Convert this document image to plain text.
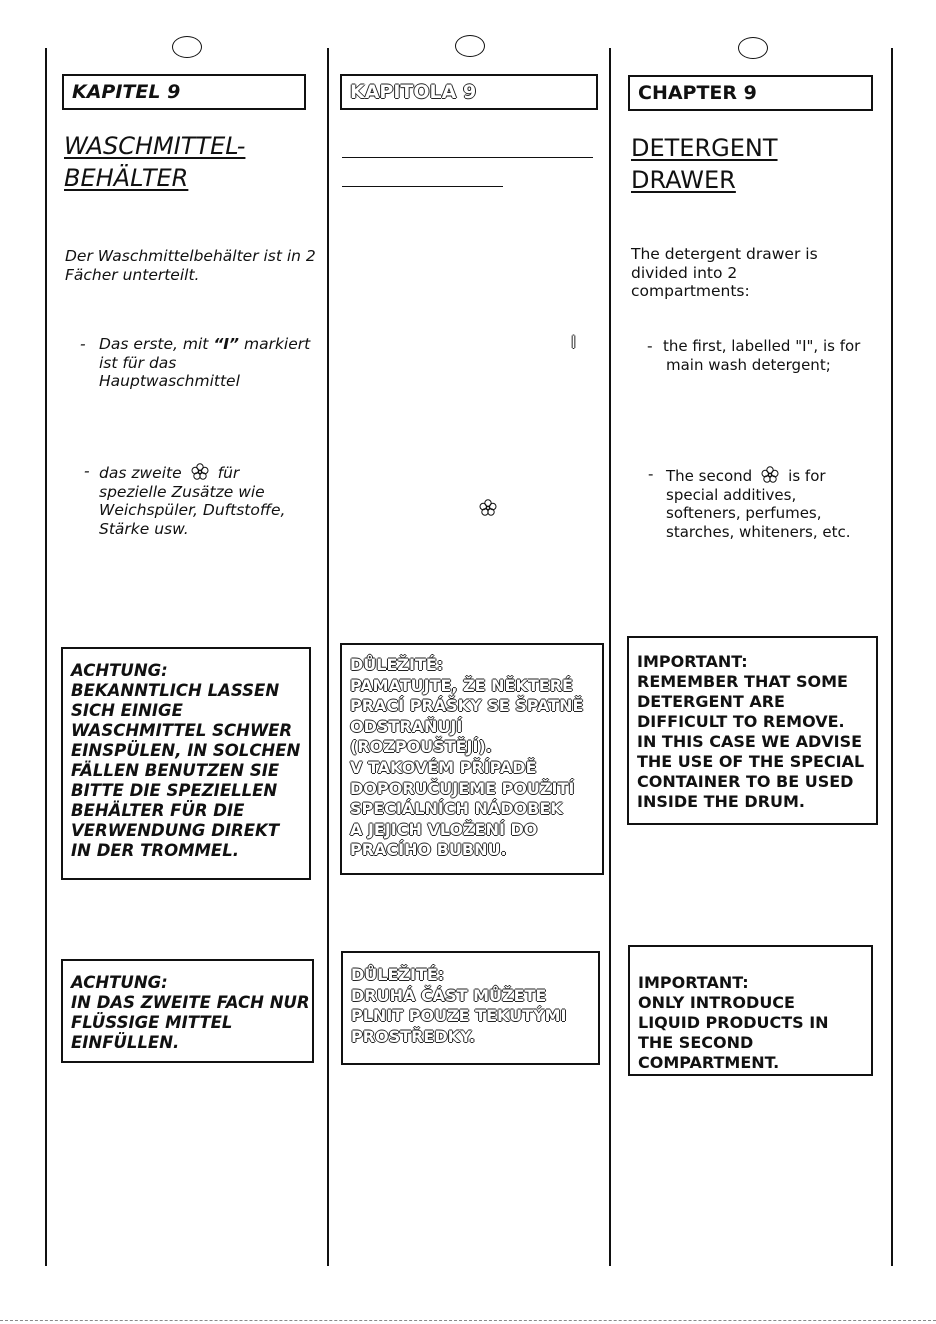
KAPITEL 9
WASCHMITTEL-
BEHÄLTER
Der Waschmittelbehälter ist in 2 Fächer unterteilt.
- Das erste, mit “I” markiert ist für das Hauptwaschmittel
- das zweite für spezielle Zusätze wie Weichspüler, Duftstoffe, Stärke usw.
ACHTUNG:
BEKANNTLICH LASSEN
SICH EINIGE
WASCHMITTEL SCHWER
EINSPÜLEN, IN SOLCHEN
FÄLLEN BENUTZEN SIE
BITTE DIE SPEZIELLEN
BEHÄLTER FÜR DIE
VERWENDUNG DIREKT
IN DER TROMMEL.
ACHTUNG:
IN DAS ZWEITE FACH NUR
FLÜSSIGE MITTEL
EINFÜLLEN.
KAPITOLA 9
I
DŮLEŽITÉ:
PAMATUJTE, ŽE NĚKTERÉ
PRACÍ PRÁŠKY SE ŠPATNĚ
ODSTRAŇUJÍ
(ROZPOUŠTĚJÍ).
V TAKOVÉM PŘÍPADĚ
DOPORUČUJEME POUŽITÍ
SPECIÁLNÍCH NÁDOBEK
A JEJICH VLOŽENÍ DO
PRACÍHO BUBNU.
DŮLEŽITÉ:
DRUHÁ ČÁST MŮŽETE
PLNIT POUZE TEKUTÝMI
PROSTŘEDKY.
CHAPTER 9
DETERGENT
DRAWER
The detergent drawer is
divided into 2
compartments:
- the first, labelled "I", is for
main wash detergent;
- The second is for
special additives,
softeners, perfumes,
starches, whiteners, etc.
IMPORTANT:
REMEMBER THAT SOME
DETERGENT ARE
DIFFICULT TO REMOVE.
IN THIS CASE WE ADVISE
THE USE OF THE SPECIAL
CONTAINER TO BE USED
INSIDE THE DRUM.
IMPORTANT:
ONLY INTRODUCE
LIQUID PRODUCTS IN
THE SECOND
COMPARTMENT.
